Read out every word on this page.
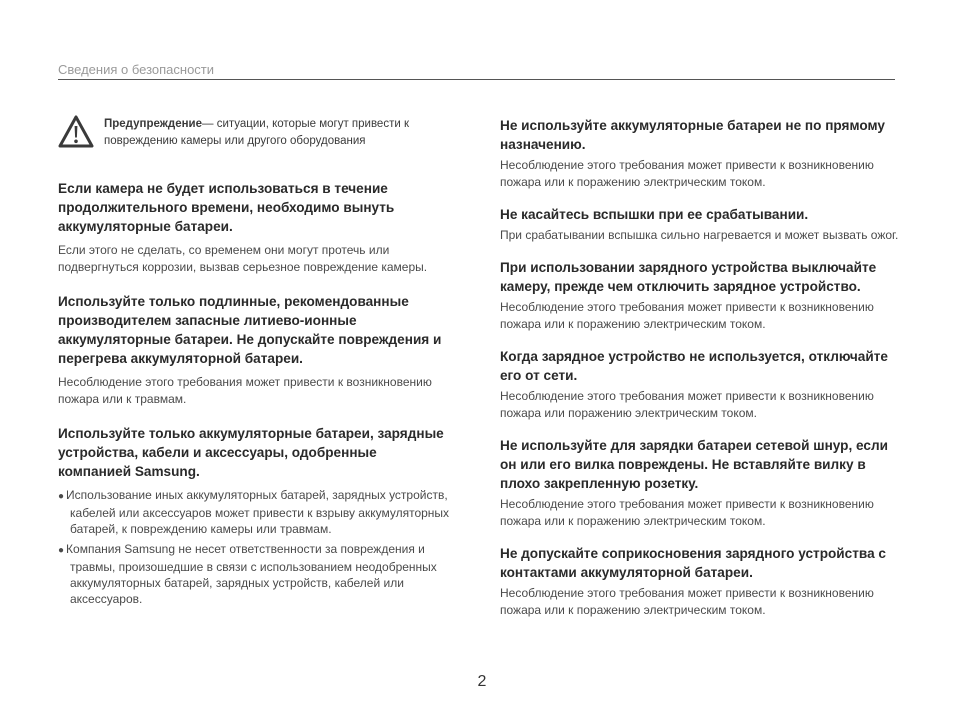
Сведения о безопасности
Предупреждение— ситуации, которые могут привести к повреждению камеры или другого оборудования
Если камера не будет использоваться в течение продолжительного времени, необходимо вынуть аккумуляторные батареи.
Если этого не сделать, со временем они могут протечь или подвергнуться коррозии, вызвав серьезное повреждение камеры.
Используйте только подлинные, рекомендованные производителем запасные литиево-ионные аккумуляторные батареи. Не допускайте повреждения и перегрева аккумуляторной батареи.
Несоблюдение этого требования может привести к возникновению пожара или к травмам.
Используйте только аккумуляторные батареи, зарядные устройства, кабели и аксессуары, одобренные компанией Samsung.
● Использование иных аккумуляторных батарей, зарядных устройств, кабелей или аксессуаров может привести к взрыву аккумуляторных батарей, к повреждению камеры или травмам.
● Компания Samsung не несет ответственности за повреждения и травмы, произошедшие в связи с использованием неодобренных аккумуляторных батарей, зарядных устройств, кабелей или аксессуаров.
Не используйте аккумуляторные батареи не по прямому назначению.
Несоблюдение этого требования может привести к возникновению пожара или к поражению электрическим током.
Не касайтесь вспышки при ее срабатывании.
При срабатывании вспышка сильно нагревается и может вызвать ожог.
При использовании зарядного устройства выключайте камеру, прежде чем отключить зарядное устройство.
Несоблюдение этого требования может привести к возникновению пожара или к поражению электрическим током.
Когда зарядное устройство не используется, отключайте его от сети.
Несоблюдение этого требования может привести к возникновению пожара или поражению электрическим током.
Не используйте для зарядки батареи сетевой шнур, если он или его вилка повреждены. Не вставляйте вилку в плохо закрепленную розетку.
Несоблюдение этого требования может привести к возникновению пожара или к поражению электрическим током.
Не допускайте соприкосновения зарядного устройства с контактами аккумуляторной батареи.
Несоблюдение этого требования может привести к возникновению пожара или к поражению электрическим током.
2
